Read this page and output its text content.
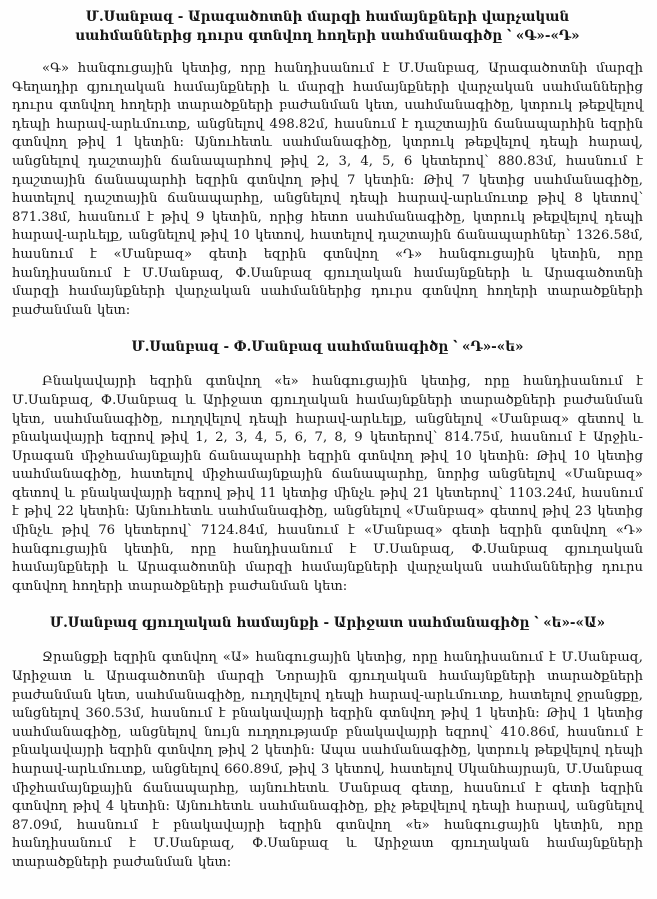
Մ.Սանբազ - Արագածոտնի մարզի համայնքների վարչական սահմաններից դուրս գտնվող հողերի սահմանագիծը ՝ «Գ»-«Դ»

«Գ» հանգուցային կետից, որը հանդիսանում է Մ.Սանբազ, Արագածոտնի մարզի Գեղադիր գյուղական համայնքների և մարզի համայնքների վարչական սահմաններից դուրս գտնվող հողերի տարածքների բաժանման կետ, սահմանագիծը, կտրուկ թեքվելով դեպի հարավ-արևմուտք, անցնելով 498.82մ, հասնում է դաշտային ճանապարհին եզրին գտնվող թիվ 1 կետին: Այնուհետև սահմանագիծը, կտրուկ թեքվելով դեպի հարավ, անցնելով դաշտային ճանապարհով թիվ 2, 3, 4, 5, 6 կետերով՝ 880.83մ, հասնում է դաշտային ճանապարհի եզրին գտնվող թիվ 7 կետին: Թիվ 7 կետից սահմանագիծը, հատելով դաշտային ճանապարհը, անցնելով դեպի հարավ-արևմուտք թիվ 8 կետով՝ 871.38մ, հասնում է թիվ 9 կետին, որից հետո սահմանագիծը, կտրուկ թեքվելով դեպի հարավ-արևելք, անցնելով թիվ 10 կետով, հատելով դաշտային ճանապարհներ՝ 1326.58մ, հասնում է «Մանբազ» գետի եզրին գտնվող «Դ» հանգուցային կետին, որը հանդիսանում է Մ.Սանբազ, Փ.Սանբազ գյուղական համայնքների և Արագածոտնի մարզի համայնքների վարչական սահմաններից դուրս գտնվող հողերի տարածքների բաժանման կետ:

Մ.Սանբազ - Փ.Մանբազ սահմանագիծը ՝ «Դ»-«ե»

Բնակավայրի եզրին գտնվող «ե» հանգուցային կետից, որը հանդիսանում է Մ.Սանբազ, Փ.Սանբազ և Արիջատ գյուղական համայնքների տարածքների բաժանման կետ, սահմանագիծը, ուղղվելով դեպի հարավ-արևելք, անցնելով «Մանբազ» գետով և բնակավայրի եզրով թիվ 1, 2, 3, 4, 5, 6, 7, 8, 9 կետերով՝ 814.75մ, հասնում է Արջիև-Սրագան միջհամայնքային ճանապարհի եզրին գտնվող թիվ 10 կետին: Թիվ 10 կետից սահմանագիծը, հատելով միջհամայնքային ճանապարհը, նորից անցնելով «Մանբազ» գետով և բնակավայրի եզրով թիվ 11 կետից մինչև թիվ 21 կետերով՝ 1103.24մ, հասնում է թիվ 22 կետին: Այնուհետև սահմանագիծը, անցնելով «Մանբազ» գետով թիվ 23 կետից մինչև թիվ 76 կետերով՝ 7124.84մ, հասնում է «Մանբազ» գետի եզրին գտնվող «Դ» հանգուցային կետին, որը հանդիսանում է Մ.Սանբազ, Փ.Սանբազ գյուղական համայնքների և Արագածոտնի մարզի համայնքների վարչական սահմաններից դուրս գտնվող հողերի տարածքների բաժանման կետ:

Մ.Սանբազ գյուղական համայնքի - Արիջատ սահմանագիծը ՝ «ե»-«Ա»

Ջրանցքի եզրին գտնվող «Ա» հանգուցային կետից, որը հանդիսանում է Մ.Սանբազ, Արիջատ և Արագածոտնի մարզի Նորային գյուղական համայնքների տարածքների բաժանման կետ, սահմանագիծը, ուղղվելով դեպի հարավ-արևմուտք, հատելով ջրանցքը, անցնելով 360.53մ, հասնում է բնակավայրի եզրին գտնվող թիվ 1 կետին: Թիվ 1 կետից սահմանագիծը, անցնելով նույն ուղղությամբ բնակավայրի եզրով՝ 410.86մ, հասնում է բնակավայրի եզրին գտնվող թիվ 2 կետին: Ապա սահմանագիծը, կտրուկ թեքվելով դեպի հարավ-արևմուտք, անցնելով 660.89մ, թիվ 3 կետով, հատելով Սկանհայրայն, Մ.Սանբազ միջհամայնքային ճանապարհը, այնուհետև Մանբազ գետը, հասնում է գետի եզրին գտնվող թիվ 4 կետին: Այնուհետև սահմանագիծը, քիչ թեքվելով դեպի հարավ, անցնելով 87.09մ, հասնում է բնակավայրի եզրին գտնվող «ե» հանգուցային կետին, որը հանդիսանում է Մ.Սանբազ, Փ.Սանբազ և Արիջատ գյուղական համայնքների տարածքների բաժանման կետ:
